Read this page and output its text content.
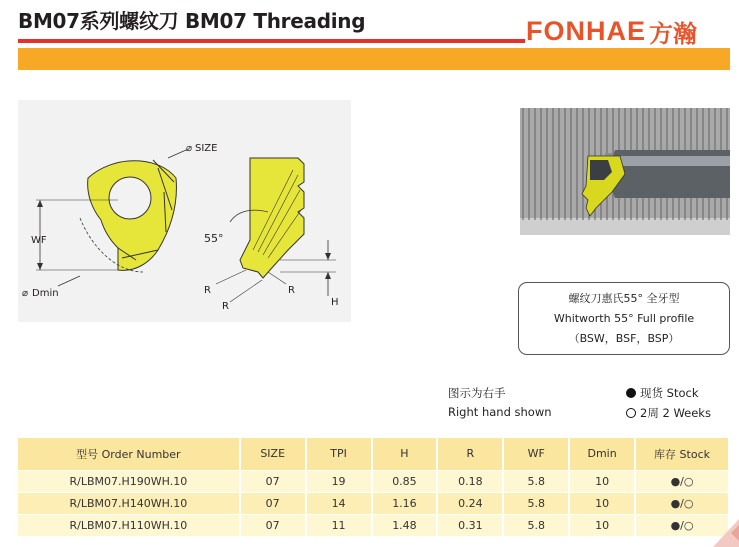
BM07系列螺纹刀 BM07 Threading	FONHAE 方瀚
⌀ SIZE
WF
⌀ Dmin
55°
R
R
R
H	螺纹刀惠氏55° 全牙型
Whitworth 55° Full profile
（BSW，BSF，BSP）
图示为右手
Right hand shown
现货 Stock
2周 2 Weeks
型号 Order Number	SIZE	TPI	H	R	WF	Dmin	库存 Stock
R/LBM07.H190WH.10	07	19	0.85	0.18	5.8	10	●/○
R/LBM07.H140WH.10	07	14	1.16	0.24	5.8	10	●/○
R/LBM07.H110WH.10	07	11	1.48	0.31	5.8	10	●/○
